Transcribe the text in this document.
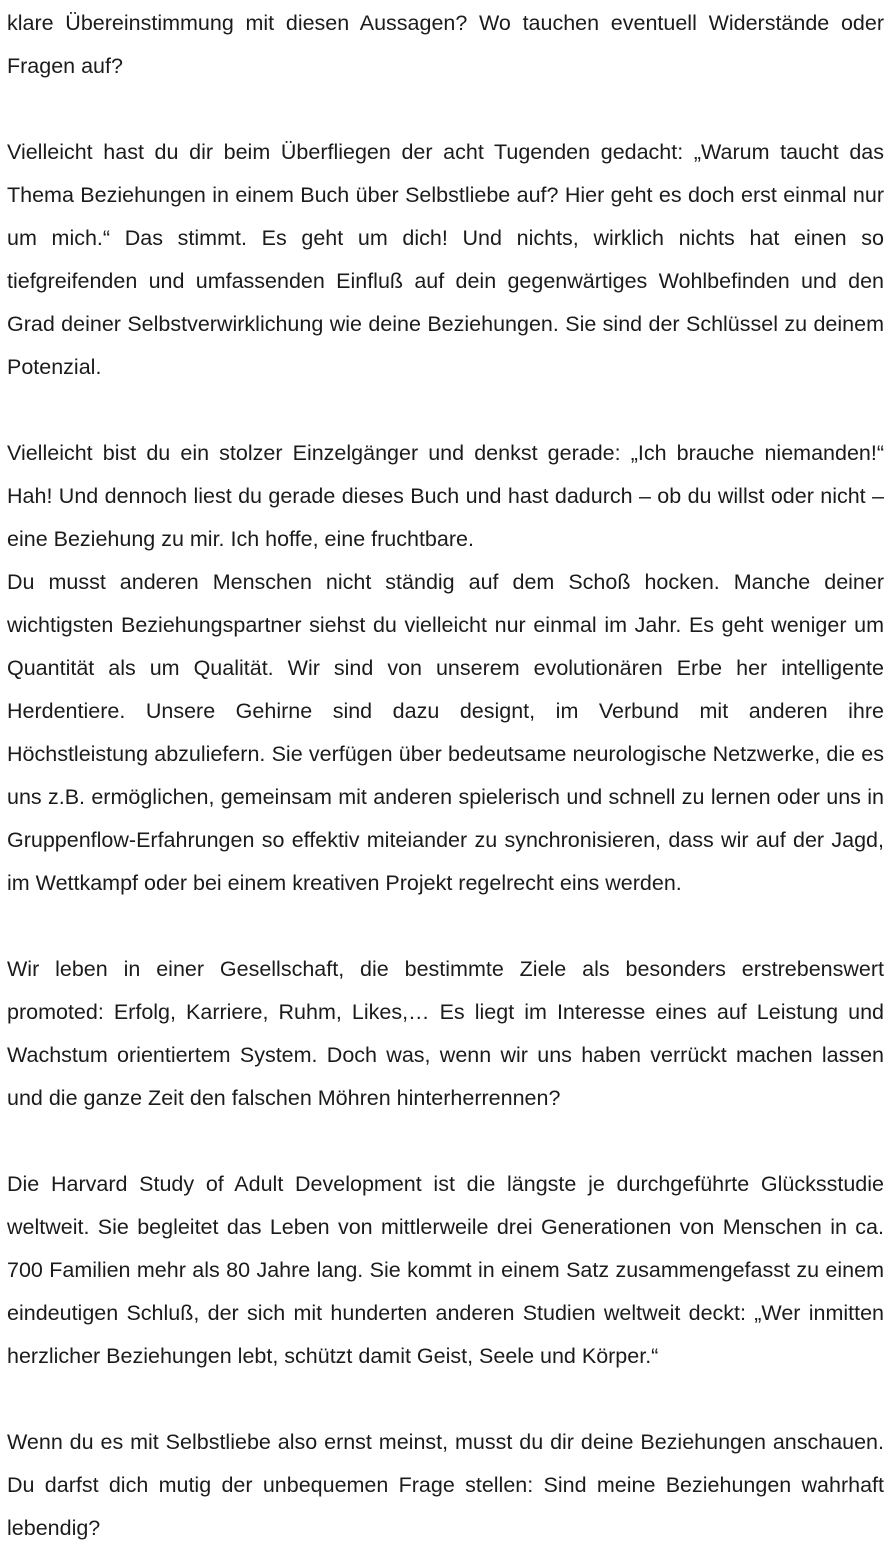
klare Übereinstimmung mit diesen Aussagen? Wo tauchen eventuell Widerstände oder Fragen auf?

Vielleicht hast du dir beim Überfliegen der acht Tugenden gedacht: „Warum taucht das Thema Beziehungen in einem Buch über Selbstliebe auf? Hier geht es doch erst einmal nur um mich.“ Das stimmt. Es geht um dich! Und nichts, wirklich nichts hat einen so tiefgreifenden und umfassenden Einfluß auf dein gegenwärtiges Wohlbefinden und den Grad deiner Selbstverwirklichung wie deine Beziehungen. Sie sind der Schlüssel zu deinem Potenzial.

Vielleicht bist du ein stolzer Einzelgänger und denkst gerade: „Ich brauche niemanden!“ Hah! Und dennoch liest du gerade dieses Buch und hast dadurch – ob du willst oder nicht – eine Beziehung zu mir. Ich hoffe, eine fruchtbare.

Du musst anderen Menschen nicht ständig auf dem Schoß hocken. Manche deiner wichtigsten Beziehungspartner siehst du vielleicht nur einmal im Jahr. Es geht weniger um Quantität als um Qualität. Wir sind von unserem evolutionären Erbe her intelligente Herdentiere. Unsere Gehirne sind dazu designt, im Verbund mit anderen ihre Höchstleistung abzuliefern. Sie verfügen über bedeutsame neurologische Netzwerke, die es uns z.B. ermöglichen, gemeinsam mit anderen spielerisch und schnell zu lernen oder uns in Gruppenflow-Erfahrungen so effektiv miteiander zu synchronisieren, dass wir auf der Jagd, im Wettkampf oder bei einem kreativen Projekt regelrecht eins werden.

Wir leben in einer Gesellschaft, die bestimmte Ziele als besonders erstrebenswert promoted: Erfolg, Karriere, Ruhm, Likes,… Es liegt im Interesse eines auf Leistung und Wachstum orientiertem System. Doch was, wenn wir uns haben verrückt machen lassen und die ganze Zeit den falschen Möhren hinterherrennen?

Die Harvard Study of Adult Development ist die längste je durchgeführte Glücksstudie weltweit. Sie begleitet das Leben von mittlerweile drei Generationen von Menschen in ca. 700 Familien mehr als 80 Jahre lang. Sie kommt in einem Satz zusammengefasst zu einem eindeutigen Schluß, der sich mit hunderten anderen Studien weltweit deckt: „Wer inmitten herzlicher Beziehungen lebt, schützt damit Geist, Seele und Körper.“

Wenn du es mit Selbstliebe also ernst meinst, musst du dir deine Beziehungen anschauen. Du darfst dich mutig der unbequemen Frage stellen: Sind meine Beziehungen wahrhaft lebendig?
